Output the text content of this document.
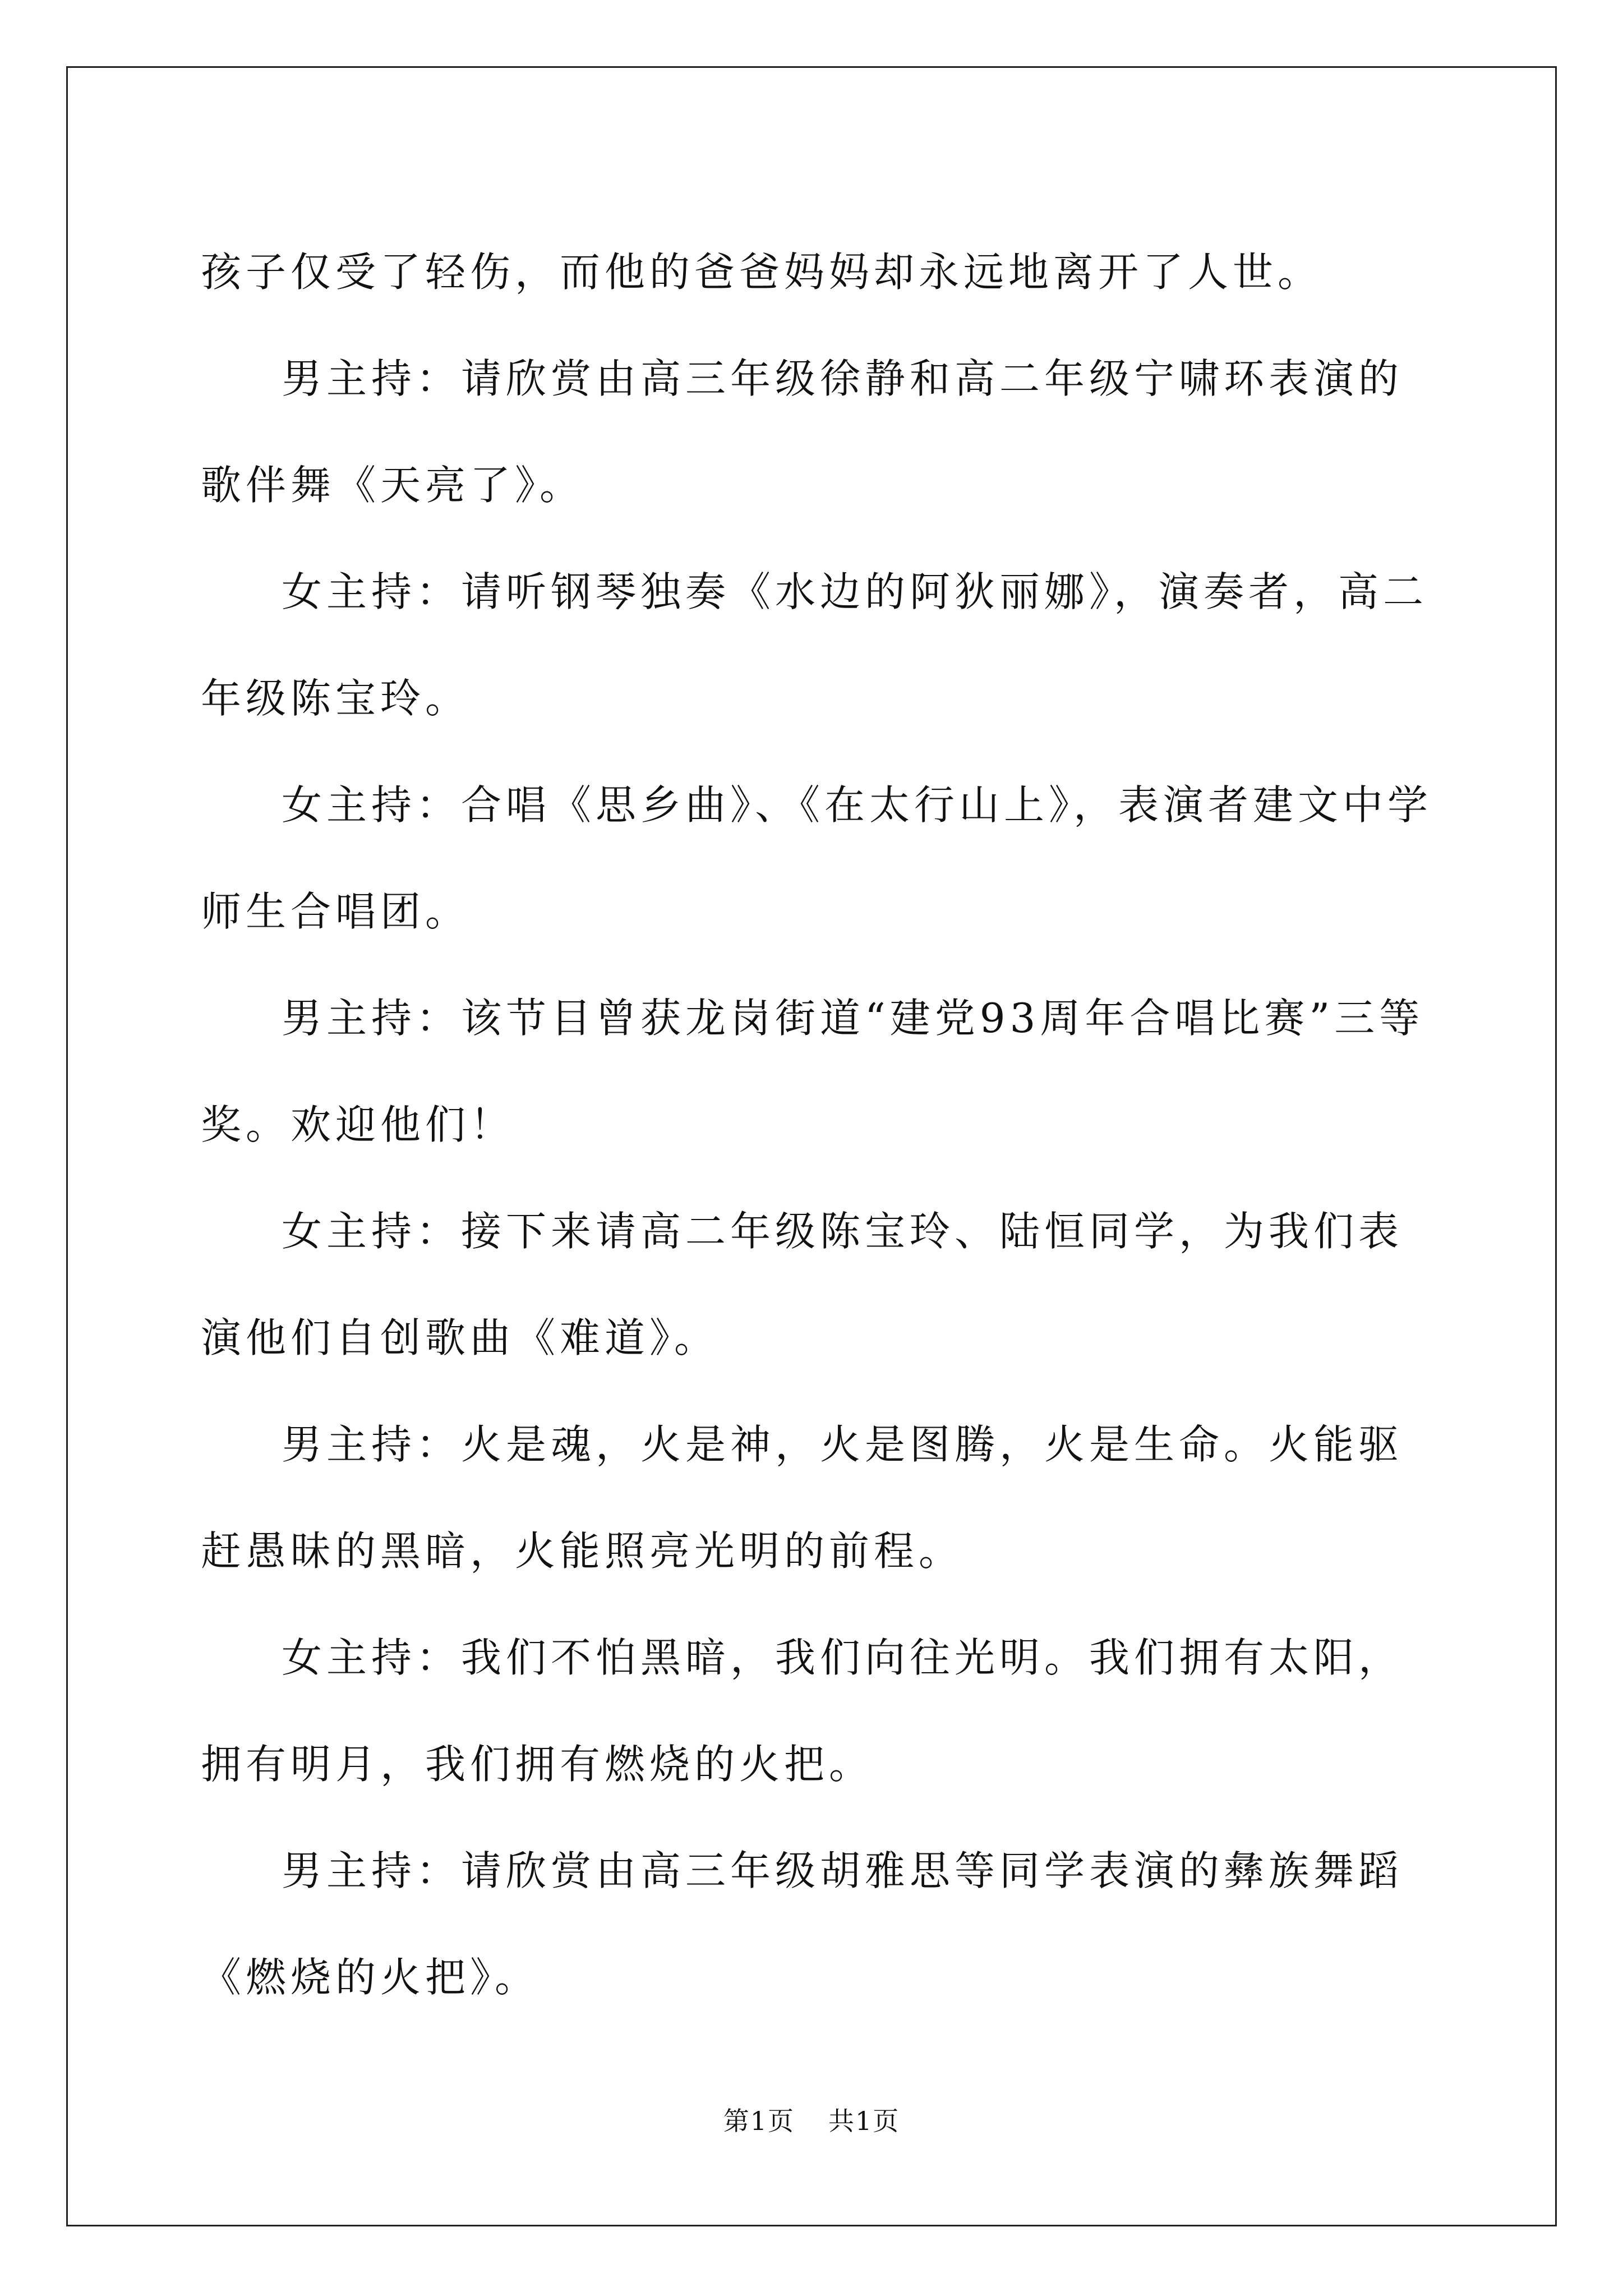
孩子仅受了轻伤，而他的爸爸妈妈却永远地离开了人世。

男主持：请欣赏由高三年级徐静和高二年级宁啸环表演的歌伴舞《天亮了》。

女主持：请听钢琴独奏《水边的阿狄丽娜》，演奏者，高二年级陈宝玲。

女主持：合唱《思乡曲》、《在太行山上》，表演者建文中学师生合唱团。

男主持：该节目曾获龙岗街道“建党93周年合唱比赛”三等奖。欢迎他们！

女主持：接下来请高二年级陈宝玲、陆恒同学，为我们表演他们自创歌曲《难道》。

男主持：火是魂，火是神，火是图腾，火是生命。火能驱赶愚昧的黑暗，火能照亮光明的前程。

女主持：我们不怕黑暗，我们向往光明。我们拥有太阳，拥有明月，我们拥有燃烧的火把。

男主持：请欣赏由高三年级胡雅思等同学表演的彝族舞蹈《燃烧的火把》。

第1页 共1页
